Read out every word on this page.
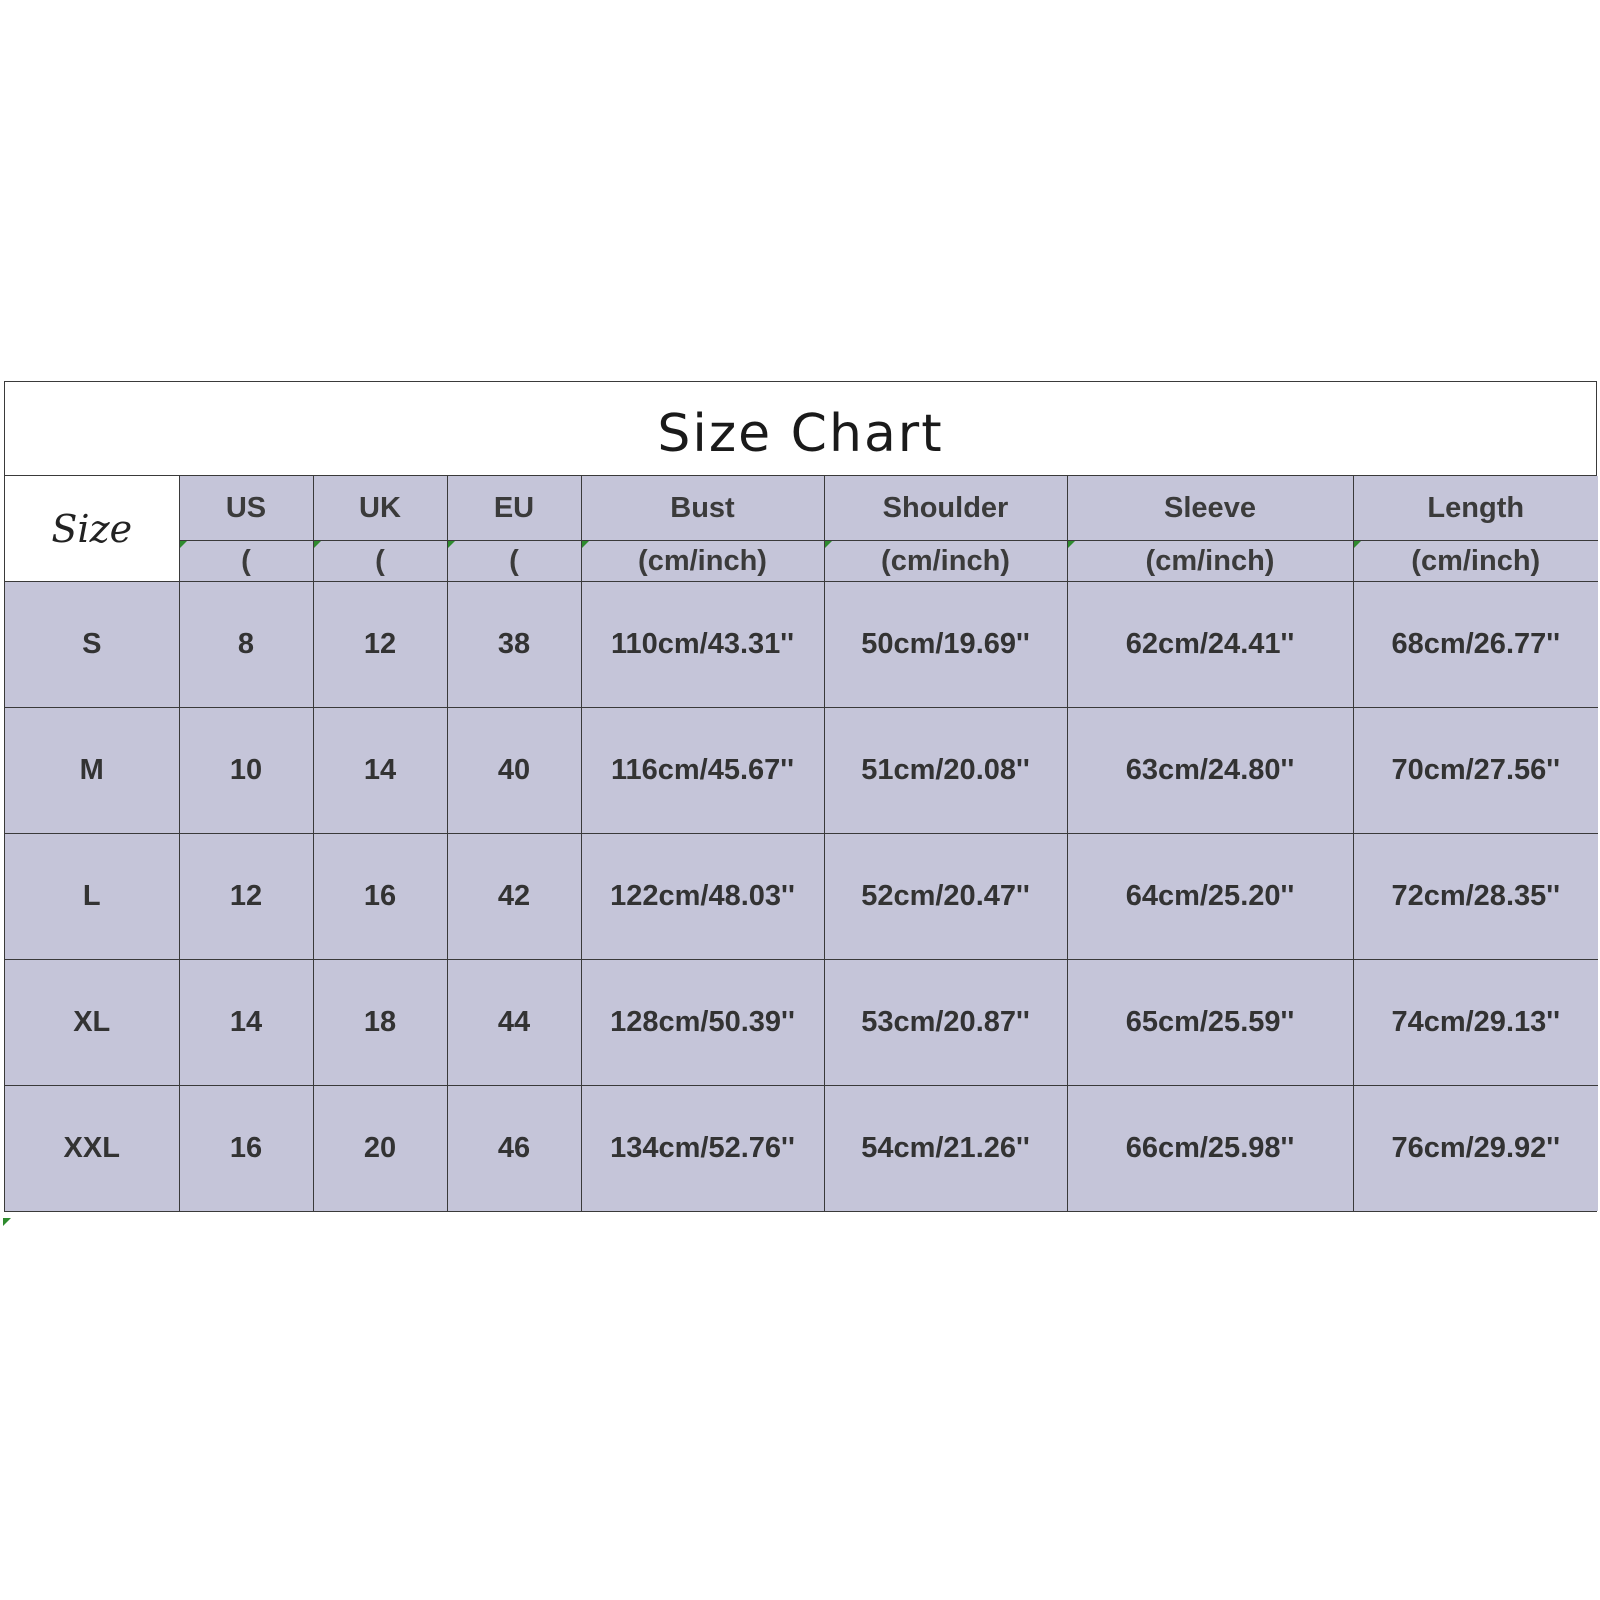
Size Chart
Size	US	UK	EU	Bust	Shoulder	Sleeve	Length
	(	(	(	(cm/inch)	(cm/inch)	(cm/inch)	(cm/inch)
S	8	12	38	110cm/43.31''	50cm/19.69''	62cm/24.41''	68cm/26.77''
M	10	14	40	116cm/45.67''	51cm/20.08''	63cm/24.80''	70cm/27.56''
L	12	16	42	122cm/48.03''	52cm/20.47''	64cm/25.20''	72cm/28.35''
XL	14	18	44	128cm/50.39''	53cm/20.87''	65cm/25.59''	74cm/29.13''
XXL	16	20	46	134cm/52.76''	54cm/21.26''	66cm/25.98''	76cm/29.92''
